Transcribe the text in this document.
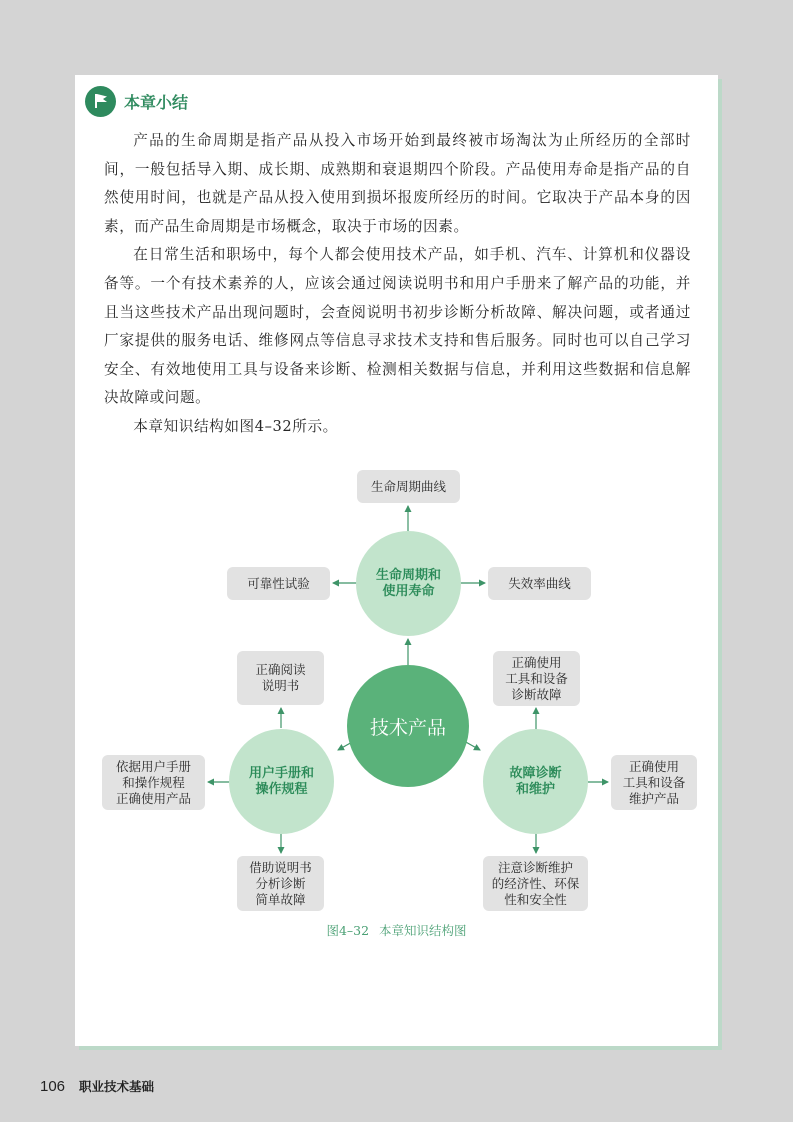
本章小结

产品的生命周期是指产品从投入市场开始到最终被市场淘汰为止所经历的全部时间，一般包括导入期、成长期、成熟期和衰退期四个阶段。产品使用寿命是指产品的自然使用时间，也就是产品从投入使用到损坏报废所经历的时间。它取决于产品本身的因素，而产品生命周期是市场概念，取决于市场的因素。

在日常生活和职场中，每个人都会使用技术产品，如手机、汽车、计算机和仪器设备等。一个有技术素养的人，应该会通过阅读说明书和用户手册来了解产品的功能，并且当这些技术产品出现问题时，会查阅说明书初步诊断分析故障、解决问题，或者通过厂家提供的服务电话、维修网点等信息寻求技术支持和售后服务。同时也可以自己学习安全、有效地使用工具与设备来诊断、检测相关数据与信息，并利用这些数据和信息解决故障或问题。

本章知识结构如图4–32所示。

技术产品
生命周期和
使用寿命
生命周期曲线
可靠性试验	失效率曲线
用户手册和
操作规程
正确阅读
说明书
依据用户手册
和操作规程
正确使用产品
借助说明书
分析诊断
简单故障
故障诊断
和维护
正确使用
工具和设备
诊断故障
正确使用
工具和设备
维护产品
注意诊断维护
的经济性、环保
性和安全性
图4–32 本章知识结构图
106 职业技术基础
